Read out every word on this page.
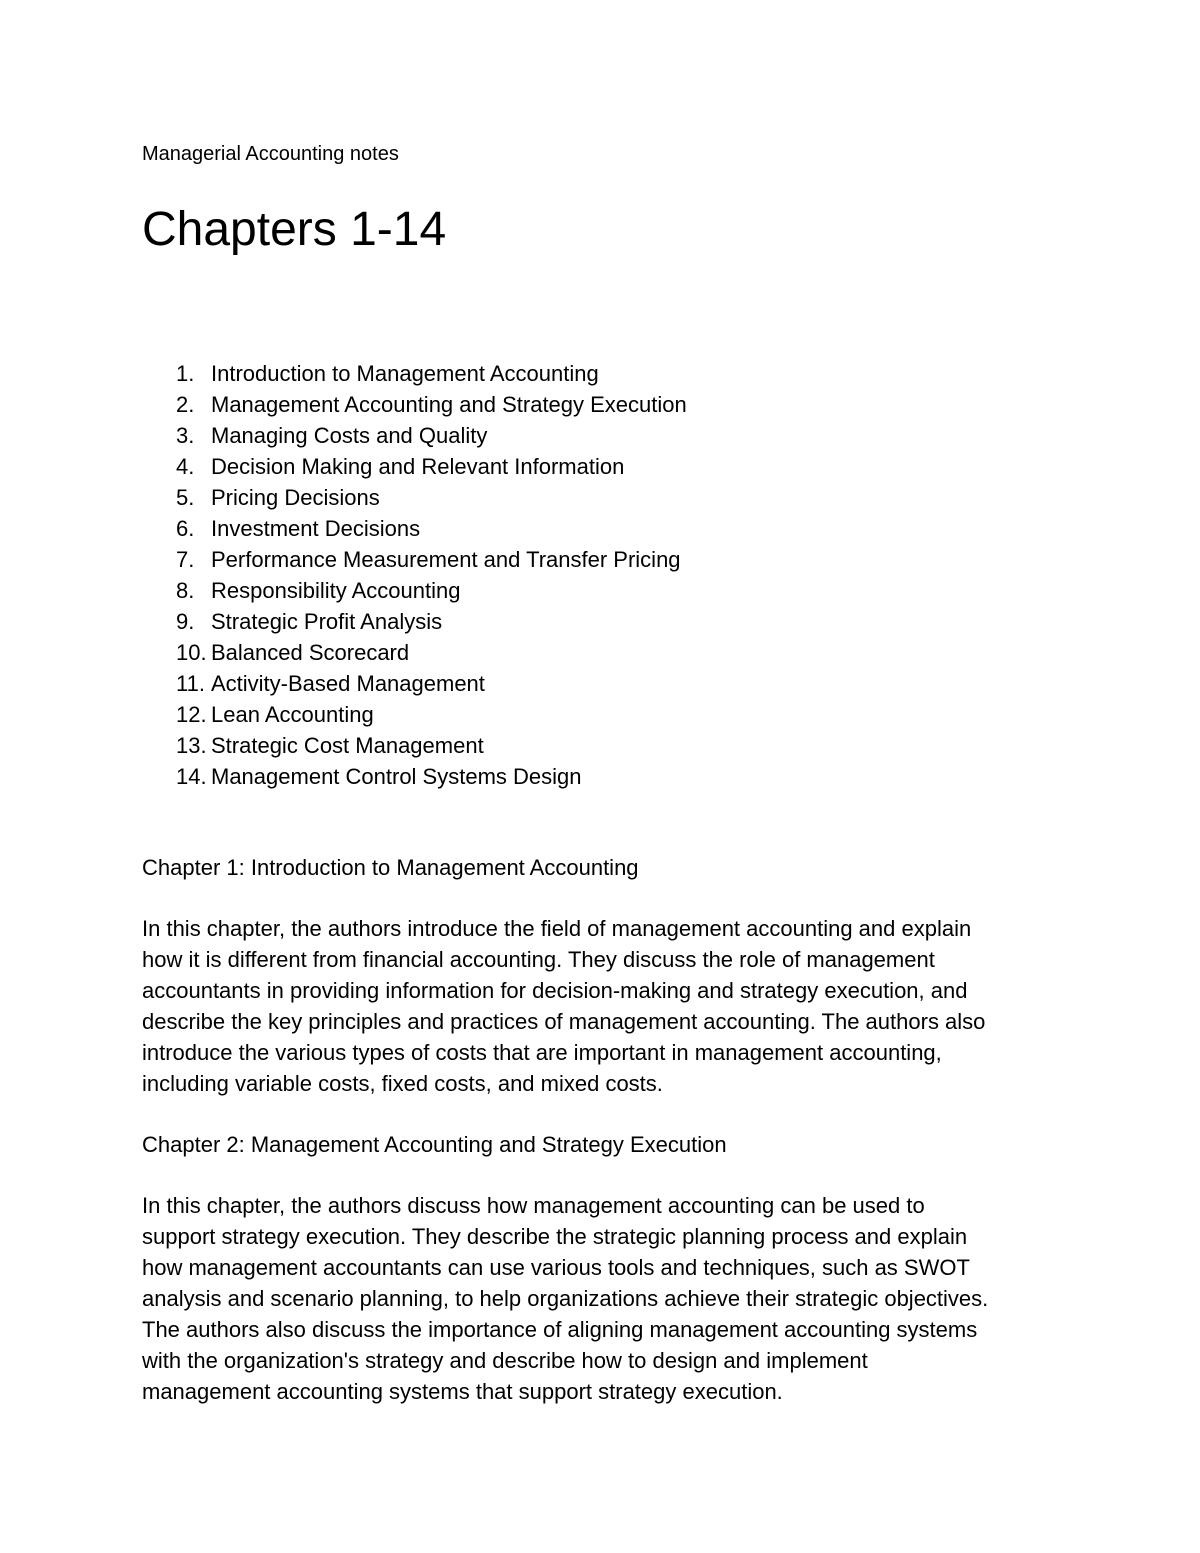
Managerial Accounting notes
Chapters 1-14
1. Introduction to Management Accounting
2. Management Accounting and Strategy Execution
3. Managing Costs and Quality
4. Decision Making and Relevant Information
5. Pricing Decisions
6. Investment Decisions
7. Performance Measurement and Transfer Pricing
8. Responsibility Accounting
9. Strategic Profit Analysis
10. Balanced Scorecard
11. Activity-Based Management
12. Lean Accounting
13. Strategic Cost Management
14. Management Control Systems Design
Chapter 1: Introduction to Management Accounting
In this chapter, the authors introduce the field of management accounting and explain
how it is different from financial accounting. They discuss the role of management
accountants in providing information for decision-making and strategy execution, and
describe the key principles and practices of management accounting. The authors also
introduce the various types of costs that are important in management accounting,
including variable costs, fixed costs, and mixed costs.
Chapter 2: Management Accounting and Strategy Execution
In this chapter, the authors discuss how management accounting can be used to
support strategy execution. They describe the strategic planning process and explain
how management accountants can use various tools and techniques, such as SWOT
analysis and scenario planning, to help organizations achieve their strategic objectives.
The authors also discuss the importance of aligning management accounting systems
with the organization's strategy and describe how to design and implement
management accounting systems that support strategy execution.
